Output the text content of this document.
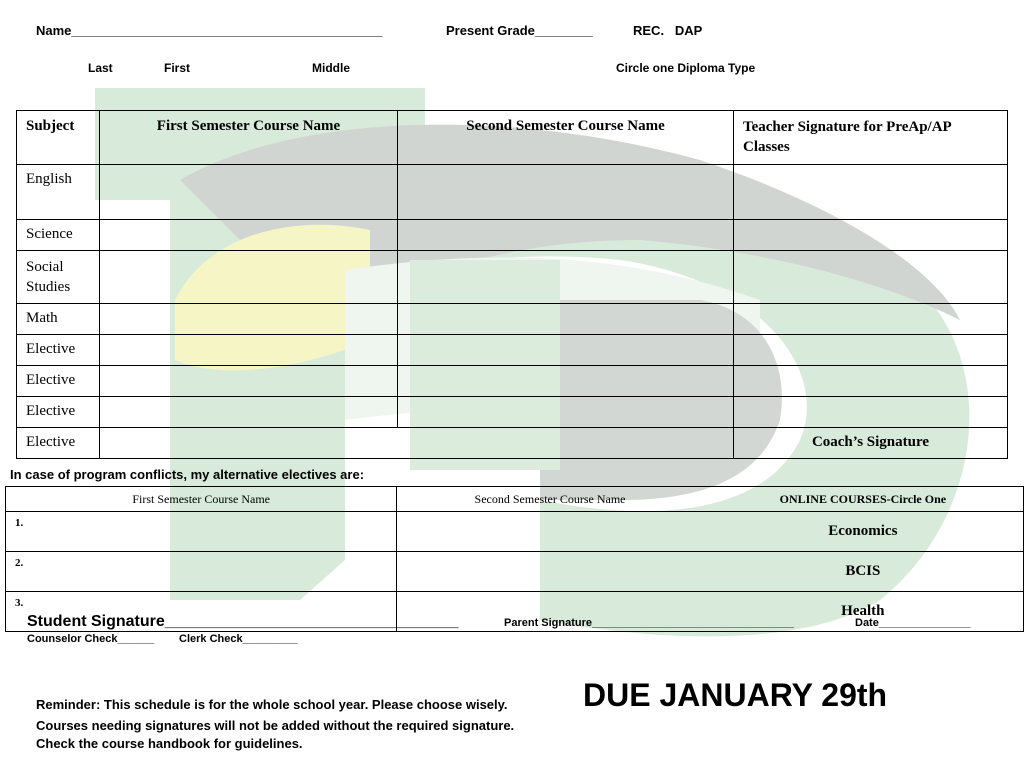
Name___________________________________________	Present Grade________	REC.   DAP
Last	First	Middle	Circle one Diploma Type
Subject	First Semester Course Name	Second Semester Course Name	Teacher Signature for PreAp/AP Classes

English			
Science			

Social Studies			

Math			
Elective			
Elective			
Elective			
Elective			Coach’s Signature
In case of program conflicts, my alternative electives are:
First Semester Course Name	Second Semester Course Name	ONLINE COURSES-Circle One
1.		Economics
2.		BCIS
3.		Health
Student Signature_________________________________	Parent Signature_________________________________	Date_______________
Counselor Check______ Clerk Check_________
Reminder: This schedule is for the whole school year. Please choose wisely.
Courses needing signatures will not be added without the required signature.
Check the course handbook for guidelines.
DUE JANUARY 29th
